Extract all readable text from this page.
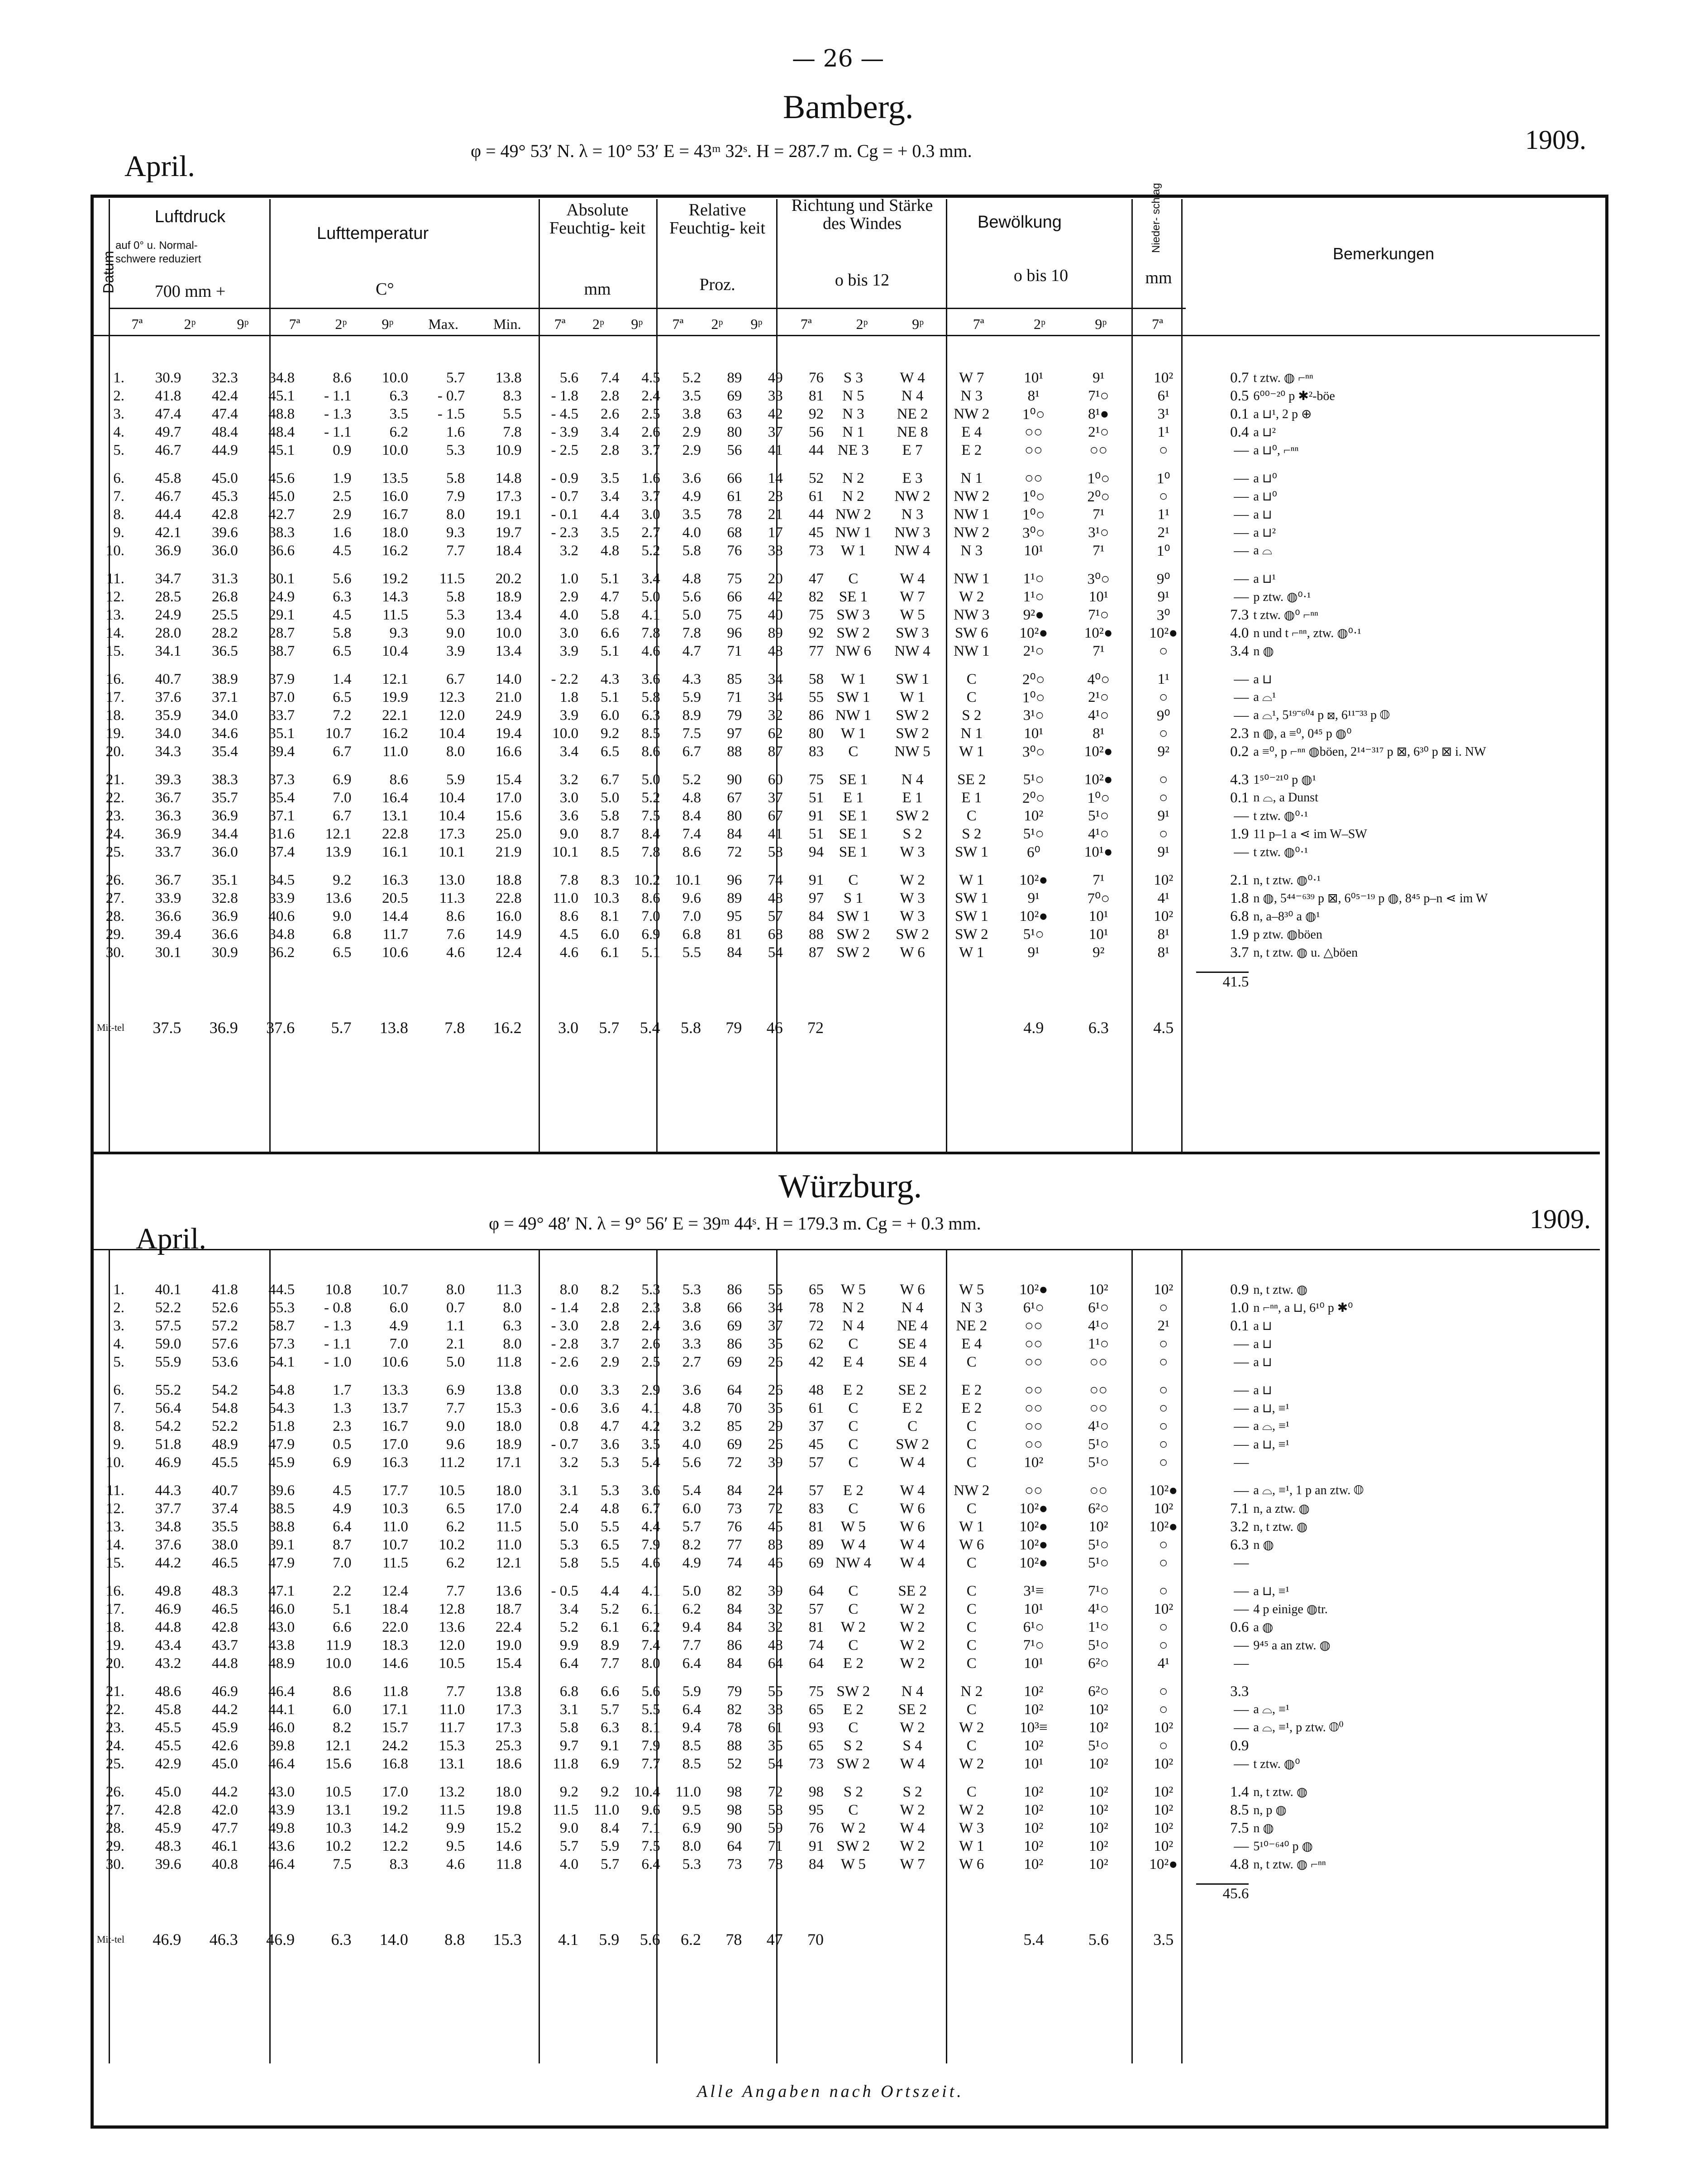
— 26 —
Bamberg.
April.	φ = 49° 53′ N. λ = 10° 53′ E = 43ᵐ 32ˢ. H = 287.7 m. Cg = + 0.3 mm.	1909.
Datum
Luftdruck
auf 0° u. Normal-
schwere reduziert
700 mm +
Lufttemperatur
C°
Absolute Feuchtig- keit
mm
Relative Feuchtig- keit
Proz.
Richtung und Stärke des Windes
o bis 12
Bewölkung
o bis 10
Nieder- schlag
mm
Bemerkungen
7ª	2ᵖ	9ᵖ	7ª 2ᵖ 9ᵖ Max. Min. 7ª 2ᵖ 9ᵖ 7ª 2ᵖ 9ᵖ	7ª	2ᵖ	9ᵖ	7ª	2ᵖ	9ᵖ	7ª
1.	30.9	32.3	34.8	8.6	10.0	5.7	13.8	5.6	7.4	4.5	5.2	89	49	76	S 3	W 4	W 7	10¹	9¹	10²	0.7	t ztw. ◍ ⌐ⁿⁿ
2.	41.8	42.4	45.1	- 1.1	6.3	- 0.7	8.3	- 1.8	2.8	2.4	3.5	69	33	81	N 5	N 4	N 3	8¹	7¹○	6¹	0.5	6⁰⁰⁻²⁰ p ✱²-böe
3.	47.4	47.4	48.8	- 1.3	3.5	- 1.5	5.5	- 4.5	2.6	2.5	3.8	63	42	92	N 3	NE 2	NW 2	1⁰○	8¹●	3¹	0.1	a ⊔¹, 2 p ⊕
4.	49.7	48.4	48.4	- 1.1	6.2	1.6	7.8	- 3.9	3.4	2.6	2.9	80	37	56	N 1	NE 8	E 4	○○	2¹○	1¹	0.4	a ⊔²
5.	46.7	44.9	45.1	0.9	10.0	5.3	10.9	- 2.5	2.8	3.7	2.9	56	41	44	NE 3	E 7	E 2	○○	○○	○	—	a ⊔⁰, ⌐ⁿⁿ

6.	45.8	45.0	45.6	1.9	13.5	5.8	14.8	- 0.9	3.5	1.6	3.6	66	14	52	N 2	E 3	N 1	○○	1⁰○	1⁰	—	a ⊔⁰
7.	46.7	45.3	45.0	2.5	16.0	7.9	17.3	- 0.7	3.4	3.7	4.9	61	28	61	N 2	NW 2	NW 2	1⁰○	2⁰○	○	—	a ⊔⁰
8.	44.4	42.8	42.7	2.9	16.7	8.0	19.1	- 0.1	4.4	3.0	3.5	78	21	44	NW 2	N 3	NW 1	1⁰○	7¹	1¹	—	a ⊔
9.	42.1	39.6	38.3	1.6	18.0	9.3	19.7	- 2.3	3.5	2.7	4.0	68	17	45	NW 1	NW 3	NW 2	3⁰○	3¹○	2¹	—	a ⊔²
10.	36.9	36.0	36.6	4.5	16.2	7.7	18.4	3.2	4.8	5.2	5.8	76	38	73	W 1	NW 4	N 3	10¹	7¹	1⁰	—	a ⌓

11.	34.7	31.3	30.1	5.6	19.2	11.5	20.2	1.0	5.1	3.4	4.8	75	20	47	C	W 4	NW 1	1¹○	3⁰○	9⁰	—	a ⊔¹
12.	28.5	26.8	24.9	6.3	14.3	5.8	18.9	2.9	4.7	5.0	5.6	66	42	82	SE 1	W 7	W 2	1¹○	10¹	9¹	—	p ztw. ◍⁰·¹
13.	24.9	25.5	29.1	4.5	11.5	5.3	13.4	4.0	5.8	4.1	5.0	75	40	75	SW 3	W 5	NW 3	9²●	7¹○	3⁰	7.3	t ztw. ◍⁰ ⌐ⁿⁿ
14.	28.0	28.2	28.7	5.8	9.3	9.0	10.0	3.0	6.6	7.8	7.8	96	89	92	SW 2	SW 3	SW 6	10²●	10²●	10²●	4.0	n und t ⌐ⁿⁿ, ztw. ◍⁰·¹
15.	34.1	36.5	38.7	6.5	10.4	3.9	13.4	3.9	5.1	4.6	4.7	71	48	77	NW 6	NW 4	NW 1	2¹○	7¹	○	3.4	n ◍

16.	40.7	38.9	37.9	1.4	12.1	6.7	14.0	- 2.2	4.3	3.6	4.3	85	34	58	W 1	SW 1	C	2⁰○	4⁰○	1¹	—	a ⊔
17.	37.6	37.1	37.0	6.5	19.9	12.3	21.0	1.8	5.1	5.8	5.9	71	34	55	SW 1	W 1	C	1⁰○	2¹○	○	—	a ⌓¹
18.	35.9	34.0	33.7	7.2	22.1	12.0	24.9	3.9	6.0	6.3	8.9	79	32	86	NW 1	SW 2	S 2	3¹○	4¹○	9⁰	—	a ⌓¹, 5¹⁹⁻⁶⁰⁴ p ⊠, 6¹¹⁻³³ p ◍
19.	34.0	34.6	35.1	10.7	16.2	10.4	19.4	10.0	9.2	8.5	7.5	97	62	80	W 1	SW 2	N 1	10¹	8¹	○	2.3	n ◍, a ≡⁰, 0⁴⁵ p ◍⁰
20.	34.3	35.4	39.4	6.7	11.0	8.0	16.6	3.4	6.5	8.6	6.7	88	87	83	C	NW 5	W 1	3⁰○	10²●	9²	0.2	a ≡⁰, p ⌐ⁿⁿ ◍böen, 2¹⁴⁻³¹⁷ p ⊠, 6³⁰ p ⊠ i. NW

21.	39.3	38.3	37.3	6.9	8.6	5.9	15.4	3.2	6.7	5.0	5.2	90	60	75	SE 1	N 4	SE 2	5¹○	10²●	○	4.3	1⁵⁰⁻²¹⁰ p ◍¹
22.	36.7	35.7	35.4	7.0	16.4	10.4	17.0	3.0	5.0	5.2	4.8	67	37	51	E 1	E 1	E 1	2⁰○	1⁰○	○	0.1	n ⌓, a Dunst
23.	36.3	36.9	37.1	6.7	13.1	10.4	15.6	3.6	5.8	7.5	8.4	80	67	91	SE 1	SW 2	C	10²	5¹○	9¹	—	t ztw. ◍⁰·¹
24.	36.9	34.4	31.6	12.1	22.8	17.3	25.0	9.0	8.7	8.4	7.4	84	41	51	SE 1	S 2	S 2	5¹○	4¹○	○	1.9	11 p–1 a ⋖ im W–SW
25.	33.7	36.0	37.4	13.9	16.1	10.1	21.9	10.1	8.5	7.8	8.6	72	58	94	SE 1	W 3	SW 1	6⁰	10¹●	9¹	—	t ztw. ◍⁰·¹

26.	36.7	35.1	34.5	9.2	16.3	13.0	18.8	7.8	8.3	10.2	10.1	96	74	91	C	W 2	W 1	10²●	7¹	10²	2.1	n, t ztw. ◍⁰·¹
27.	33.9	32.8	33.9	13.6	20.5	11.3	22.8	11.0	10.3	8.6	9.6	89	48	97	S 1	W 3	SW 1	9¹	7⁰○	4¹	1.8	n ◍, 5⁴⁴⁻⁶³⁹ p ⊠, 6⁰⁵⁻¹⁹ p ◍, 8⁴⁵ p–n ⋖ im W
28.	36.6	36.9	40.6	9.0	14.4	8.6	16.0	8.6	8.1	7.0	7.0	95	57	84	SW 1	W 3	SW 1	10²●	10¹	10²	6.8	n, a–8³⁰ a ◍¹
29.	39.4	36.6	34.8	6.8	11.7	7.6	14.9	4.5	6.0	6.9	6.8	81	68	88	SW 2	SW 2	SW 2	5¹○	10¹	8¹	1.9	p ztw. ◍böen
30.	30.1	30.9	36.2	6.5	10.6	4.6	12.4	4.6	6.1	5.1	5.5	84	54	87	SW 2	W 6	W 1	9¹	9²	8¹	3.7	n, t ztw. ◍ u. △böen

																					41.5	

Mit-tel	37.5	36.9	37.6	5.7	13.8	7.8	16.2	3.0	5.7	5.4	5.8	79	46	72				4.9	6.3	4.5		
Würzburg.
April.	φ = 49° 48′ N. λ = 9° 56′ E = 39ᵐ 44ˢ. H = 179.3 m. Cg = + 0.3 mm.	1909.
1.	40.1	41.8	44.5	10.8	10.7	8.0	11.3	8.0	8.2	5.3	5.3	86	55	65	W 5	W 6	W 5	10²●	10²	10²	0.9	n, t ztw. ◍
2.	52.2	52.6	55.3	- 0.8	6.0	0.7	8.0	- 1.4	2.8	2.3	3.8	66	34	78	N 2	N 4	N 3	6¹○	6¹○	○	1.0	n ⌐ⁿⁿ, a ⊔, 6¹⁰ p ✱⁰
3.	57.5	57.2	58.7	- 1.3	4.9	1.1	6.3	- 3.0	2.8	2.4	3.6	69	37	72	N 4	NE 4	NE 2	○○	4¹○	2¹	0.1	a ⊔
4.	59.0	57.6	57.3	- 1.1	7.0	2.1	8.0	- 2.8	3.7	2.6	3.3	86	35	62	C	SE 4	E 4	○○	1¹○	○	—	a ⊔
5.	55.9	53.6	54.1	- 1.0	10.6	5.0	11.8	- 2.6	2.9	2.5	2.7	69	26	42	E 4	SE 4	C	○○	○○	○	—	a ⊔

6.	55.2	54.2	54.8	1.7	13.3	6.9	13.8	0.0	3.3	2.9	3.6	64	26	48	E 2	SE 2	E 2	○○	○○	○	—	a ⊔
7.	56.4	54.8	54.3	1.3	13.7	7.7	15.3	- 0.6	3.6	4.1	4.8	70	35	61	C	E 2	E 2	○○	○○	○	—	a ⊔, ≡¹
8.	54.2	52.2	51.8	2.3	16.7	9.0	18.0	0.8	4.7	4.2	3.2	85	29	37	C	C	C	○○	4¹○	○	—	a ⌓, ≡¹
9.	51.8	48.9	47.9	0.5	17.0	9.6	18.9	- 0.7	3.6	3.5	4.0	69	26	45	C	SW 2	C	○○	5¹○	○	—	a ⊔, ≡¹
10.	46.9	45.5	45.9	6.9	16.3	11.2	17.1	3.2	5.3	5.4	5.6	72	39	57	C	W 4	C	10²	5¹○	○	—	

11.	44.3	40.7	39.6	4.5	17.7	10.5	18.0	3.1	5.3	3.6	5.4	84	24	57	E 2	W 4	NW 2	○○	○○	10²●	—	a ⌓, ≡¹, 1 p an ztw. ◍
12.	37.7	37.4	38.5	4.9	10.3	6.5	17.0	2.4	4.8	6.7	6.0	73	72	83	C	W 6	C	10²●	6²○	10²	7.1	n, a ztw. ◍
13.	34.8	35.5	38.8	6.4	11.0	6.2	11.5	5.0	5.5	4.4	5.7	76	45	81	W 5	W 6	W 1	10²●	10²	10²●	3.2	n, t ztw. ◍
14.	37.6	38.0	39.1	8.7	10.7	10.2	11.0	5.3	6.5	7.9	8.2	77	83	89	W 4	W 4	W 6	10²●	5¹○	○	6.3	n ◍
15.	44.2	46.5	47.9	7.0	11.5	6.2	12.1	5.8	5.5	4.6	4.9	74	46	69	NW 4	W 4	C	10²●	5¹○	○	—	

16.	49.8	48.3	47.1	2.2	12.4	7.7	13.6	- 0.5	4.4	4.1	5.0	82	39	64	C	SE 2	C	3¹≡	7¹○	○	—	a ⊔, ≡¹
17.	46.9	46.5	46.0	5.1	18.4	12.8	18.7	3.4	5.2	6.1	6.2	84	32	57	C	W 2	C	10¹	4¹○	10²	—	4 p einige ◍tr.
18.	44.8	42.8	43.0	6.6	22.0	13.6	22.4	5.2	6.1	6.2	9.4	84	32	81	W 2	W 2	C	6¹○	1¹○	○	0.6	a ◍
19.	43.4	43.7	43.8	11.9	18.3	12.0	19.0	9.9	8.9	7.4	7.7	86	48	74	C	W 2	C	7¹○	5¹○	○	—	9⁴⁵ a an ztw. ◍
20.	43.2	44.8	48.9	10.0	14.6	10.5	15.4	6.4	7.7	8.0	6.4	84	64	64	E 2	W 2	C	10¹	6²○	4¹	—	

21.	48.6	46.9	46.4	8.6	11.8	7.7	13.8	6.8	6.6	5.6	5.9	79	55	75	SW 2	N 4	N 2	10²	6²○	○	3.3	
22.	45.8	44.2	44.1	6.0	17.1	11.0	17.3	3.1	5.7	5.5	6.4	82	38	65	E 2	SE 2	C	10²	10²	○	—	a ⌓, ≡¹
23.	45.5	45.9	46.0	8.2	15.7	11.7	17.3	5.8	6.3	8.1	9.4	78	61	93	C	W 2	W 2	10³≡	10²	10²	—	a ⌓, ≡¹, p ztw. ◍⁰
24.	45.5	42.6	39.8	12.1	24.2	15.3	25.3	9.7	9.1	7.9	8.5	88	35	65	S 2	S 4	C	10²	5¹○	○	0.9	
25.	42.9	45.0	46.4	15.6	16.8	13.1	18.6	11.8	6.9	7.7	8.5	52	54	73	SW 2	W 4	W 2	10¹	10²	10²	—	t ztw. ◍⁰

26.	45.0	44.2	43.0	10.5	17.0	13.2	18.0	9.2	9.2	10.4	11.0	98	72	98	S 2	S 2	C	10²	10²	10²	1.4	n, t ztw. ◍
27.	42.8	42.0	43.9	13.1	19.2	11.5	19.8	11.5	11.0	9.6	9.5	98	58	95	C	W 2	W 2	10²	10²	10²	8.5	n, p ◍
28.	45.9	47.7	49.8	10.3	14.2	9.9	15.2	9.0	8.4	7.1	6.9	90	59	76	W 2	W 4	W 3	10²	10²	10²	7.5	n ◍
29.	48.3	46.1	43.6	10.2	12.2	9.5	14.6	5.7	5.9	7.5	8.0	64	71	91	SW 2	W 2	W 1	10²	10²	10²	—	5¹⁰⁻⁶⁴⁰ p ◍
30.	39.6	40.8	46.4	7.5	8.3	4.6	11.8	4.0	5.7	6.4	5.3	73	78	84	W 5	W 7	W 6	10²	10²	10²●	4.8	n, t ztw. ◍ ⌐ⁿⁿ

																					45.6	

Mit-tel	46.9	46.3	46.9	6.3	14.0	8.8	15.3	4.1	5.9	5.6	6.2	78	47	70				5.4	5.6	3.5		
Alle Angaben nach Ortszeit.
